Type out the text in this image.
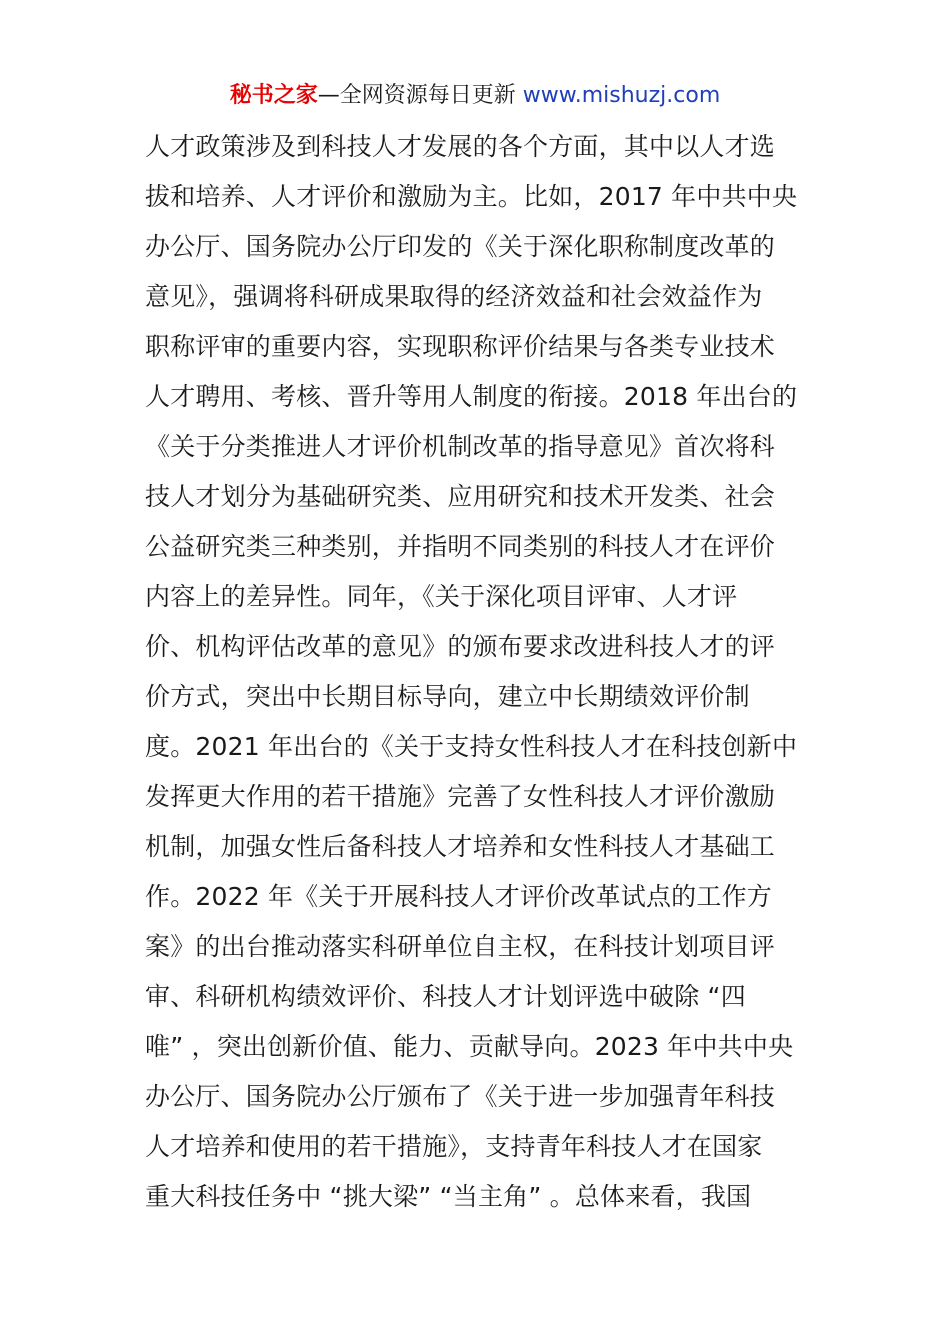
秘书之家—全网资源每日更新 www.mishuzj.com
人才政策涉及到科技人才发展的各个方面，其中以人才选
拔和培养、人才评价和激励为主。比如，2017 年中共中央
办公厅、国务院办公厅印发的《关于深化职称制度改革的
意见》，强调将科研成果取得的经济效益和社会效益作为
职称评审的重要内容，实现职称评价结果与各类专业技术
人才聘用、考核、晋升等用人制度的衔接。2018 年出台的
《关于分类推进人才评价机制改革的指导意见》首次将科
技人才划分为基础研究类、应用研究和技术开发类、社会
公益研究类三种类别，并指明不同类别的科技人才在评价
内容上的差异性。同年，《关于深化项目评审、人才评
价、机构评估改革的意见》的颁布要求改进科技人才的评
价方式，突出中长期目标导向，建立中长期绩效评价制
度。2021 年出台的《关于支持女性科技人才在科技创新中
发挥更大作用的若干措施》完善了女性科技人才评价激励
机制，加强女性后备科技人才培养和女性科技人才基础工
作。2022 年《关于开展科技人才评价改革试点的工作方
案》的出台推动落实科研单位自主权，在科技计划项目评
审、科研机构绩效评价、科技人才计划评选中破除 “四
唯” ，突出创新价值、能力、贡献导向。2023 年中共中央
办公厅、国务院办公厅颁布了《关于进一步加强青年科技
人才培养和使用的若干措施》，支持青年科技人才在国家
重大科技任务中 “挑大梁” “当主角” 。总体来看，我国
